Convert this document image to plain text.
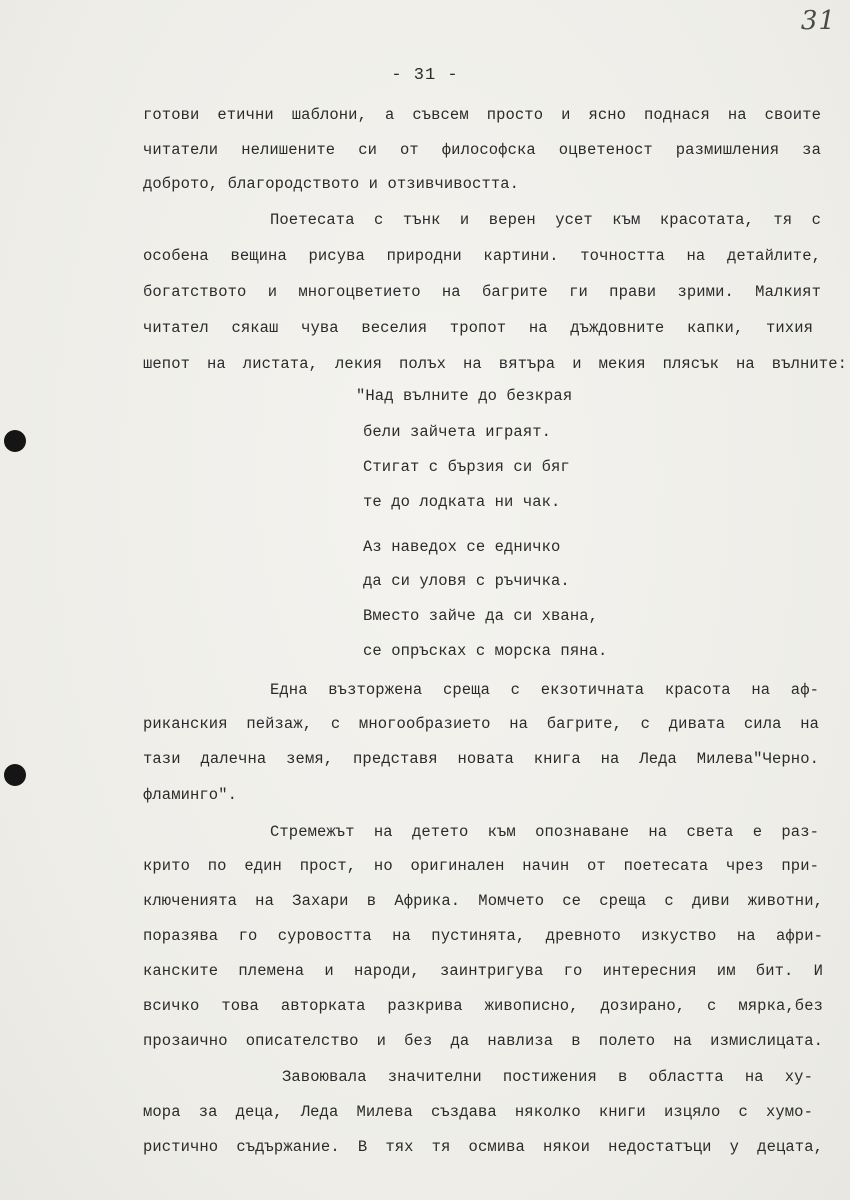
31
- 31 -
готови етични шаблони, а съвсем просто и ясно поднася на своите
читатели нелишените си от философска оцветеност размишления за
доброто, благородството и отзивчивостта.
Поетесата с тънк и верен усет към красотата, тя с
особена вещина рисува природни картини. точността на детайлите,
богатството и многоцветието на багрите ги прави зрими. Малкият
читател сякаш чува веселия тропот на дъждовните капки, тихия
шепот на листата, лекия полъх на вятъра и мекия плясък на вълните:
"Над вълните до безкрая
бели зайчета играят.
Стигат с бързия си бяг
те до лодката ни чак.
Аз наведох се едничко
да си уловя с ръчичка.
Вместо зайче да си хвана,
се опръсках с морска пяна.
Една възторжена среща с екзотичната красота на аф-
риканския пейзаж, с многообразието на багрите, с дивата сила на
тази далечна земя, представя новата книга на Леда Милева"Черно.
фламинго".
Стремежът на детето към опознаване на света е раз-
крито по един прост, но оригинален начин от поетесата чрез при-
ключенията на Захари в Африка. Момчето се среща с диви животни,
поразява го суровостта на пустинята, древното изкуство на афри-
канските племена и народи, заинтригува го интересния им бит. И
всичко това авторката разкрива живописно, дозирано, с мярка,без
прозаично описателство и без да навлиза в полето на измислицата.
Завоювала значителни постижения в областта на ху-
мора за деца, Леда Милева създава няколко книги изцяло с хумо-
ристично съдържание. В тях тя осмива някои недостатъци у децата,
